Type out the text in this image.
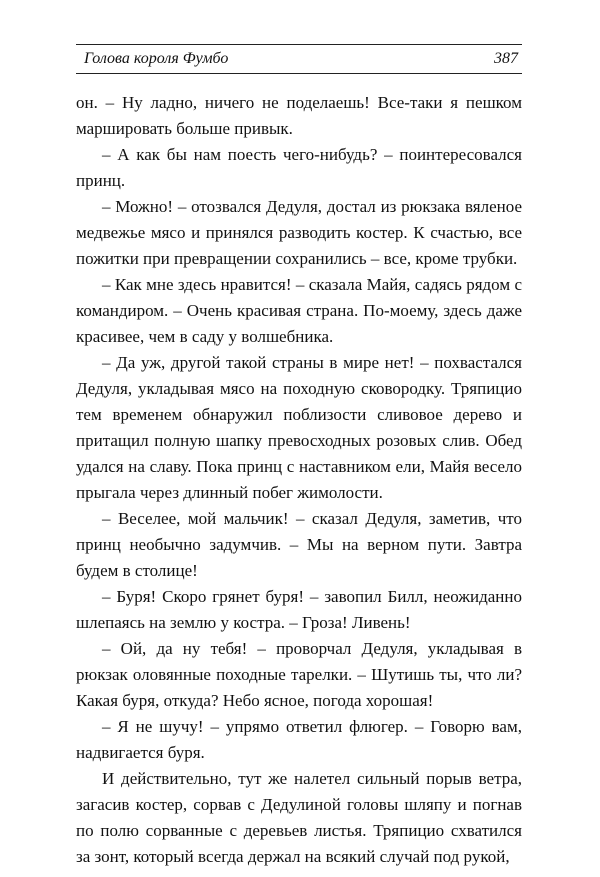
Голова короля Фумбо	387

он. – Ну ладно, ничего не поделаешь! Все-таки я пешком маршировать больше привык.

– А как бы нам поесть чего-нибудь? – поинтересовался принц.

– Можно! – отозвался Дедуля, достал из рюкзака вяленое медвежье мясо и принялся разводить костер. К счастью, все пожитки при превращении сохранились – все, кроме трубки.

– Как мне здесь нравится! – сказала Майя, садясь рядом с командиром. – Очень красивая страна. По-моему, здесь даже красивее, чем в саду у волшебника.

– Да уж, другой такой страны в мире нет! – похвастался Дедуля, укладывая мясо на походную сковородку. Тряпицио тем временем обнаружил поблизости сливовое дерево и притащил полную шапку превосходных розовых слив. Обед удался на славу. Пока принц с наставником ели, Майя весело прыгала через длинный побег жимолости.

– Веселее, мой мальчик! – сказал Дедуля, заметив, что принц необычно задумчив. – Мы на верном пути. Завтра будем в столице!

– Буря! Скоро грянет буря! – завопил Билл, неожиданно шлепаясь на землю у костра. – Гроза! Ливень!

– Ой, да ну тебя! – проворчал Дедуля, укладывая в рюкзак оловянные походные тарелки. – Шутишь ты, что ли? Какая буря, откуда? Небо ясное, погода хорошая!

– Я не шучу! – упрямо ответил флюгер. – Говорю вам, надвигается буря.

И действительно, тут же налетел сильный порыв ветра, загасив костер, сорвав с Дедулиной головы шляпу и погнав по полю сорванные с деревьев листья. Тряпицио схватился за зонт, который всегда держал на всякий случай под рукой,
